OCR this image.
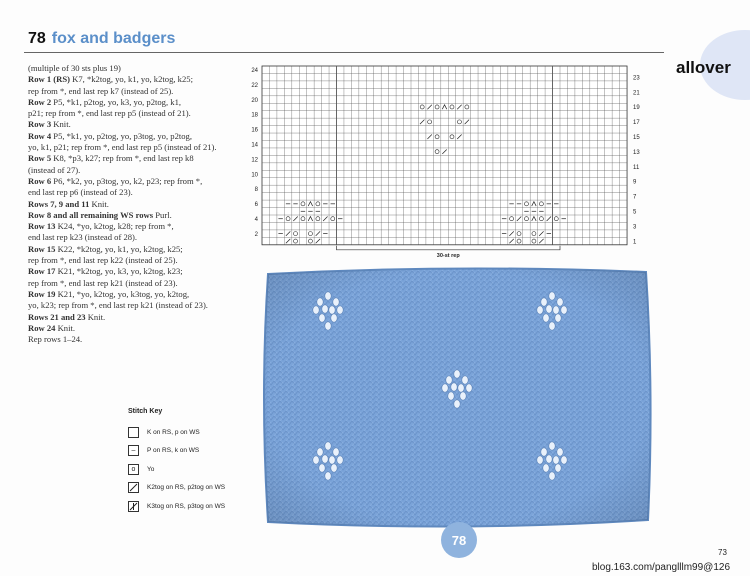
78 fox and badgers
allover
(multiple of 30 sts plus 19)
Row 1 (RS) K7, *k2tog, yo, k1, yo, k2tog, k25;
rep from *, end last rep k7 (instead of 25).
Row 2 P5, *k1, p2tog, yo, k3, yo, p2tog, k1,
p21; rep from *, end last rep p5 (instead of 21).
Row 3 Knit.
Row 4 P5, *k1, yo, p2tog, yo, p3tog, yo, p2tog,
yo, k1, p21; rep from *, end last rep p5 (instead of 21).
Row 5 K8, *p3, k27; rep from *, end last rep k8
(instead of 27).
Row 6 P6, *k2, yo, p3tog, yo, k2, p23; rep from *,
end last rep p6 (instead of 23).
Rows 7, 9 and 11 Knit.
Row 8 and all remaining WS rows Purl.
Row 13 K24, *yo, k2tog, k28; rep from *,
end last rep k23 (instead of 28).
Row 15 K22, *k2tog, yo, k1, yo, k2tog, k25;
rep from *, end last rep k22 (instead of 25).
Row 17 K21, *k2tog, yo, k3, yo, k2tog, k23;
rep from *, end last rep k21 (instead of 23).
Row 19 K21, *yo, k2tog, yo, k3tog, yo, k2tog,
yo, k23; rep from *, end last rep k21 (instead of 23).
Rows 21 and 23 Knit.
Row 24 Knit.
Rep rows 1–24.
Stitch Key
K on RS, p on WS
–	P on RS, k on WS
o	Yo
K2tog on RS, p2tog on WS
K3tog on RS, p3tog on WS
24
22
20
18
16
14
12
10
8
6
4
2
23
21
19
17
15
13
11
9
7
5
3
1
30-st rep
78
73
blog.163.com/panglllm99@126
